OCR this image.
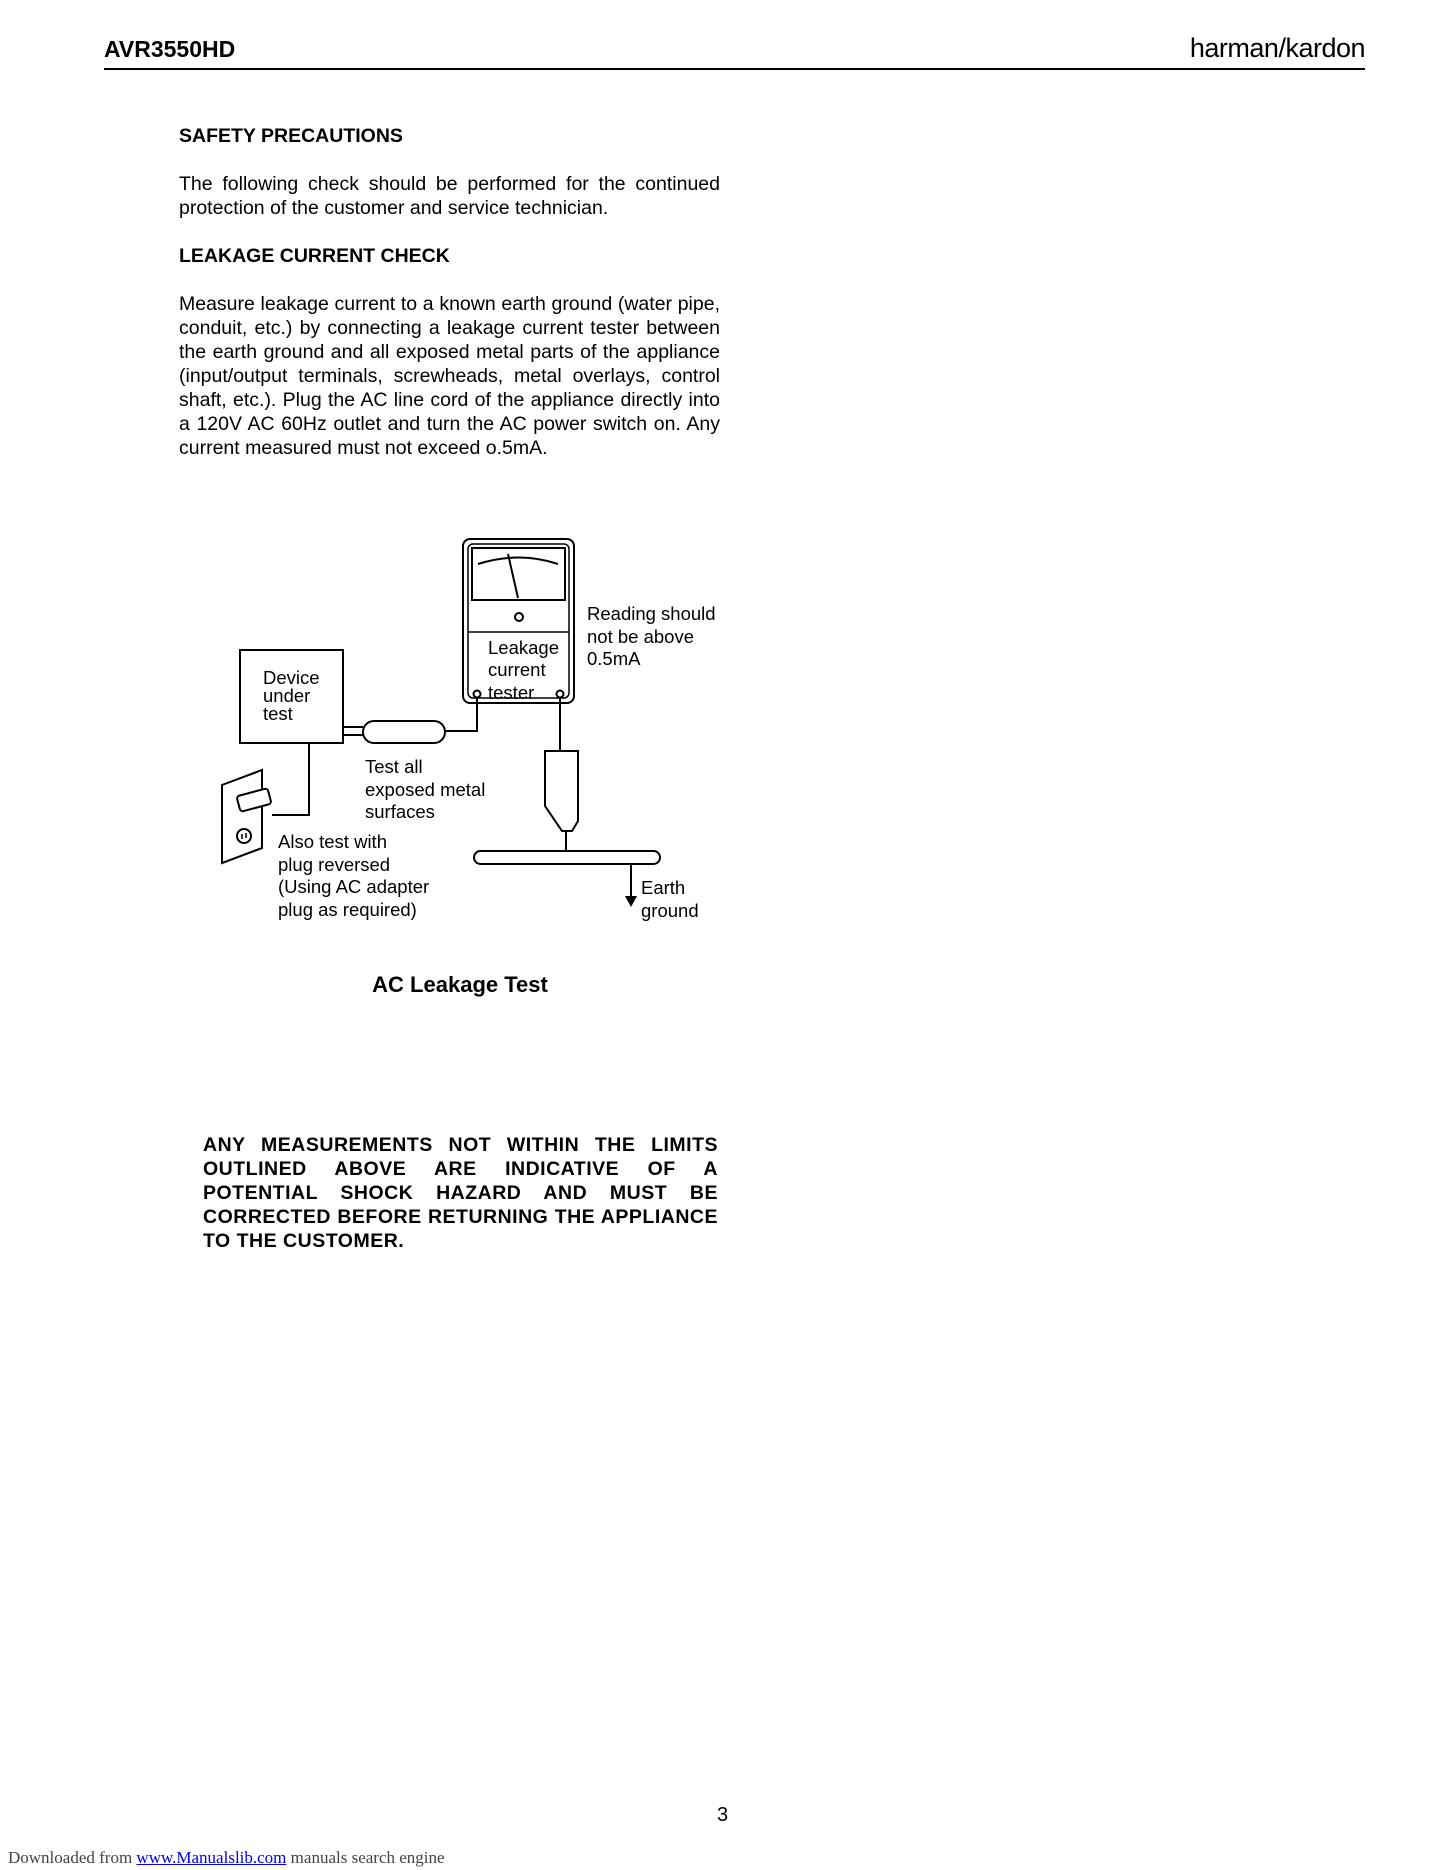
AVR3550HD	harman/kardon
SAFETY PRECAUTIONS
The following check should be performed for the continued protection of the customer and service technician.
LEAKAGE CURRENT CHECK
Measure leakage current to a known earth ground (water pipe, conduit, etc.) by connecting a leakage current tester between the earth ground and all exposed metal parts of the appliance (input/output terminals, screwheads, metal overlays, control shaft, etc.). Plug the AC line cord of the appliance directly into a 120V AC 60Hz outlet and turn the AC power switch on. Any current measured must not exceed o.5mA.
Device under test
Leakage current tester
Reading should not be above 0.5mA
Test all exposed metal surfaces
Also test with plug reversed (Using AC adapter plug as required)
Earth ground
AC Leakage Test
ANY MEASUREMENTS NOT WITHIN THE LIMITS OUTLINED ABOVE ARE INDICATIVE OF A POTENTIAL SHOCK HAZARD AND MUST BE CORRECTED BEFORE RETURNING THE APPLIANCE TO THE CUSTOMER.
3
Downloaded from www.Manualslib.com manuals search engine
